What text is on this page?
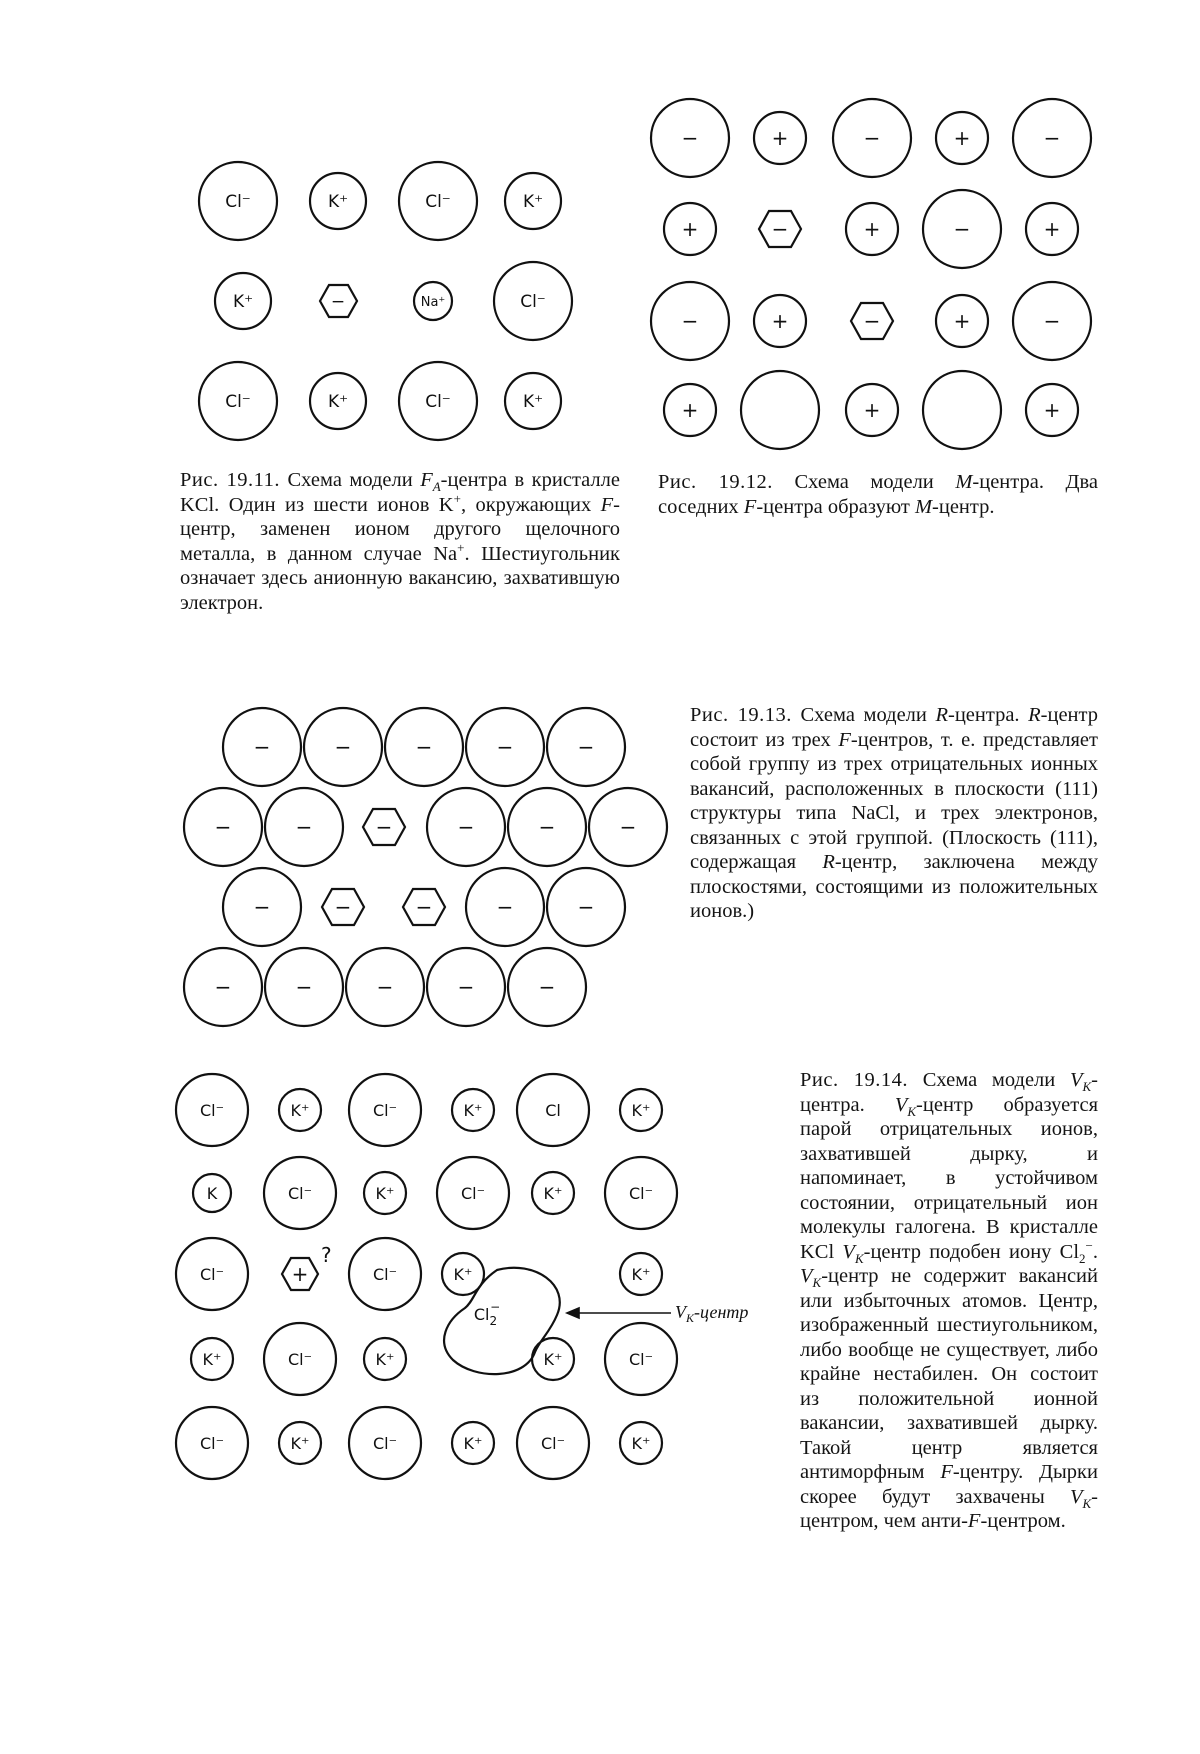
Cl⁻	K⁺	Cl⁻	K⁺
K⁺	−	Na⁺	Cl⁻
Cl⁻	K⁺	Cl⁻	K⁺

Рис. 19.11. Схема модели FA-центра в кристалле KCl. Один из шести ионов K+, окружающих F-центр, заменен ионом другого щелочного металла, в данном случае Na+. Шестиугольник означает здесь анионную вакансию, захватившую электрон.

−	+	−	+	−
+	−	+	−	+
−	+	−	+	−
+	+	+

Рис. 19.12. Схема модели M-центра. Два соседних F-центра образуют M-центр.

−	−	−	−	−
−	−	−	−	−	−
−	−	−	−	−
−	−	−	−	−

Рис. 19.13. Схема модели R-центра. R-центр состоит из трех F-центров, т. е. представляет собой группу из трех отрицательных ионных вакансий, расположенных в плоскости (111) структуры типа NaCl, и трех электронов, связанных с этой группой. (Плоскость (111), содержащая R-центр, заключена между плоскостями, состоящими из положительных ионов.)

Cl⁻	K⁺	Cl⁻	K⁺	Cl	K⁺
K	Cl⁻	K⁺	Cl⁻	K⁺	Cl⁻
Cl⁻	+	Cl⁻	K⁺	K⁺
K⁺	Cl⁻	K⁺	K⁺	Cl⁻
Cl⁻	K⁺	Cl⁻	K⁺	Cl⁻	K⁺
?
Cl2−	VK-центр

Рис. 19.14. Схема модели VK-центра. VK-центр образуется парой отрицательных ионов, захватившей дырку, и напоминает, в устойчивом состоянии, отрицательный ион молекулы галогена. В кристалле KCl VK-центр подобен иону Cl2−. VK-центр не содержит вакансий или избыточных атомов. Центр, изображенный шестиугольником, либо вообще не существует, либо крайне нестабилен. Он состоит из положительной ионной вакансии, захватившей дырку. Такой центр является антиморфным F-центру. Дырки скорее будут захвачены VK-центром, чем анти-F-центром.
